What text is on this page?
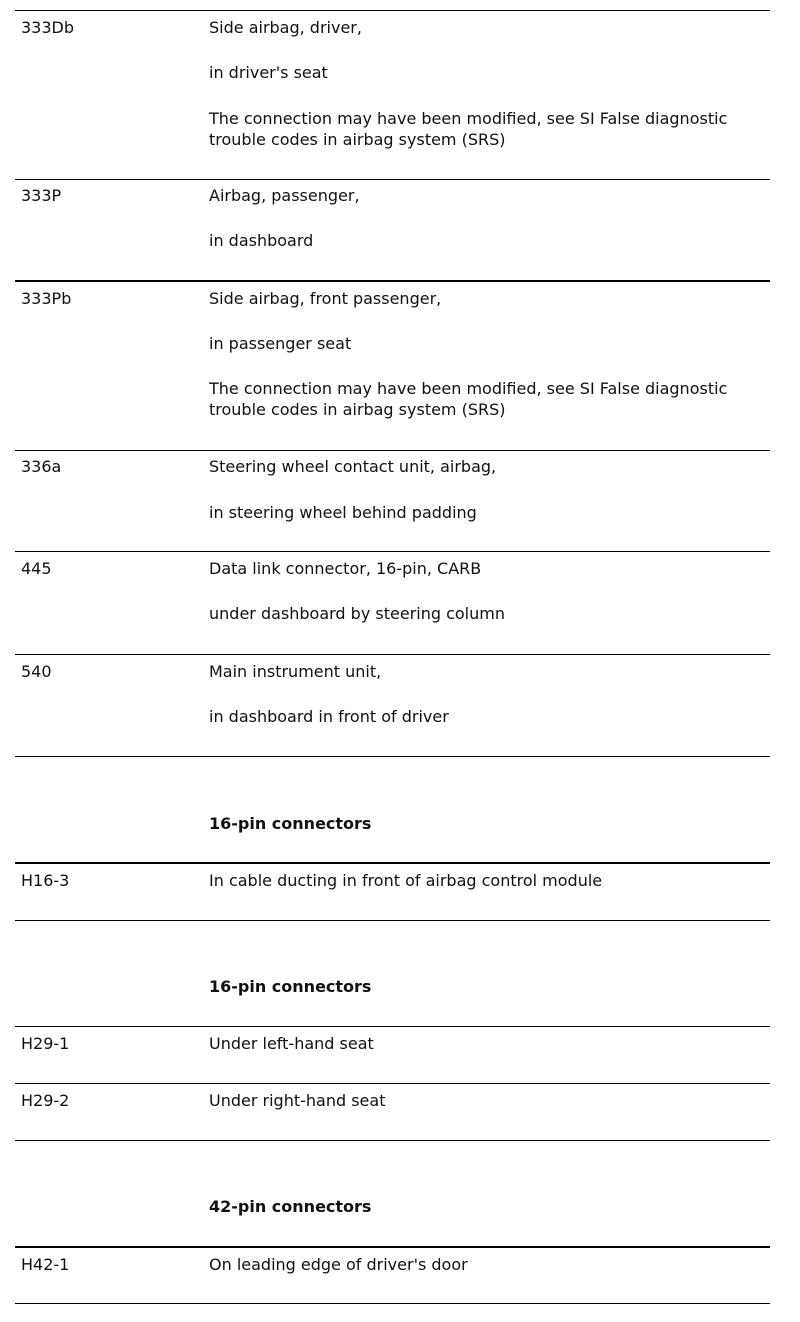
333Db	Side airbag, driver,

in driver's seat

The connection may have been modified, see SI False diagnostic

trouble codes in airbag system (SRS)

333P	Airbag, passenger,

in dashboard

333Pb	Side airbag, front passenger,

in passenger seat

The connection may have been modified, see SI False diagnostic

trouble codes in airbag system (SRS)

336a	Steering wheel contact unit, airbag,

in steering wheel behind padding

445	Data link connector, 16-pin, CARB

under dashboard by steering column

540	Main instrument unit,

in dashboard in front of driver

16-pin connectors

H16-3	In cable ducting in front of airbag control module

16-pin connectors

H29-1	Under left-hand seat

H29-2	Under right-hand seat

42-pin connectors

H42-1	On leading edge of driver's door
